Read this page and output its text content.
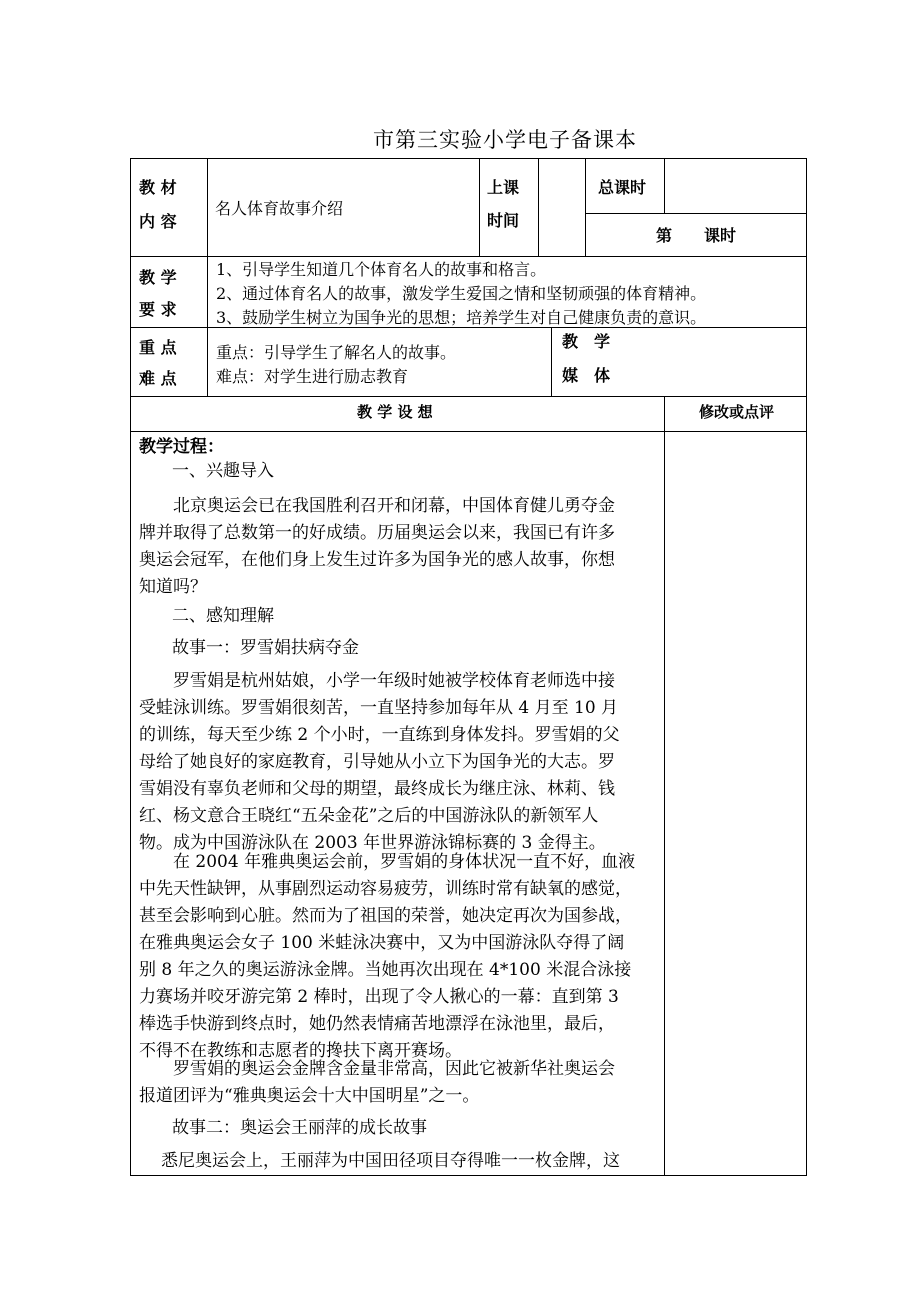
市第三实验小学电子备课本
教 材
内 容
名人体育故事介绍
上课
时间
总课时
第　　课时
教 学
要 求
1、引导学生知道几个体育名人的故事和格言。
2、通过体育名人的故事，激发学生爱国之情和坚韧顽强的体育精神。
3、鼓励学生树立为国争光的思想；培养学生对自己健康负责的意识。
重 点
难 点
重点：引导学生了解名人的故事。
难点：对学生进行励志教育
教　学
媒　体
教 学 设 想	修改或点评
教学过程：
一、兴趣导入
北京奥运会已在我国胜利召开和闭幕，中国体育健儿勇夺金
牌并取得了总数第一的好成绩。历届奥运会以来，我国已有许多
奥运会冠军，在他们身上发生过许多为国争光的感人故事，你想
知道吗？
二、感知理解
故事一：罗雪娟扶病夺金
罗雪娟是杭州姑娘，小学一年级时她被学校体育老师选中接
受蛙泳训练。罗雪娟很刻苦，一直坚持参加每年从 4 月至 10 月
的训练，每天至少练 2 个小时，一直练到身体发抖。罗雪娟的父
母给了她良好的家庭教育，引导她从小立下为国争光的大志。罗
雪娟没有辜负老师和父母的期望，最终成长为继庄泳、林莉、钱
红、杨文意合王晓红“五朵金花”之后的中国游泳队的新领军人
物。成为中国游泳队在 2003 年世界游泳锦标赛的 3 金得主。
在 2004 年雅典奥运会前，罗雪娟的身体状况一直不好，血液
中先天性缺钾，从事剧烈运动容易疲劳，训练时常有缺氧的感觉，
甚至会影响到心脏。然而为了祖国的荣誉，她决定再次为国参战，
在雅典奥运会女子 100 米蛙泳决赛中，又为中国游泳队夺得了阔
别 8 年之久的奥运游泳金牌。当她再次出现在 4*100 米混合泳接
力赛场并咬牙游完第 2 棒时，出现了令人揪心的一幕：直到第 3
棒选手快游到终点时，她仍然表情痛苦地漂浮在泳池里，最后，
不得不在教练和志愿者的搀扶下离开赛场。
罗雪娟的奥运会金牌含金量非常高，因此它被新华社奥运会
报道团评为“雅典奥运会十大中国明星”之一。
故事二：奥运会王丽萍的成长故事
悉尼奥运会上，王丽萍为中国田径项目夺得唯一一枚金牌，这
